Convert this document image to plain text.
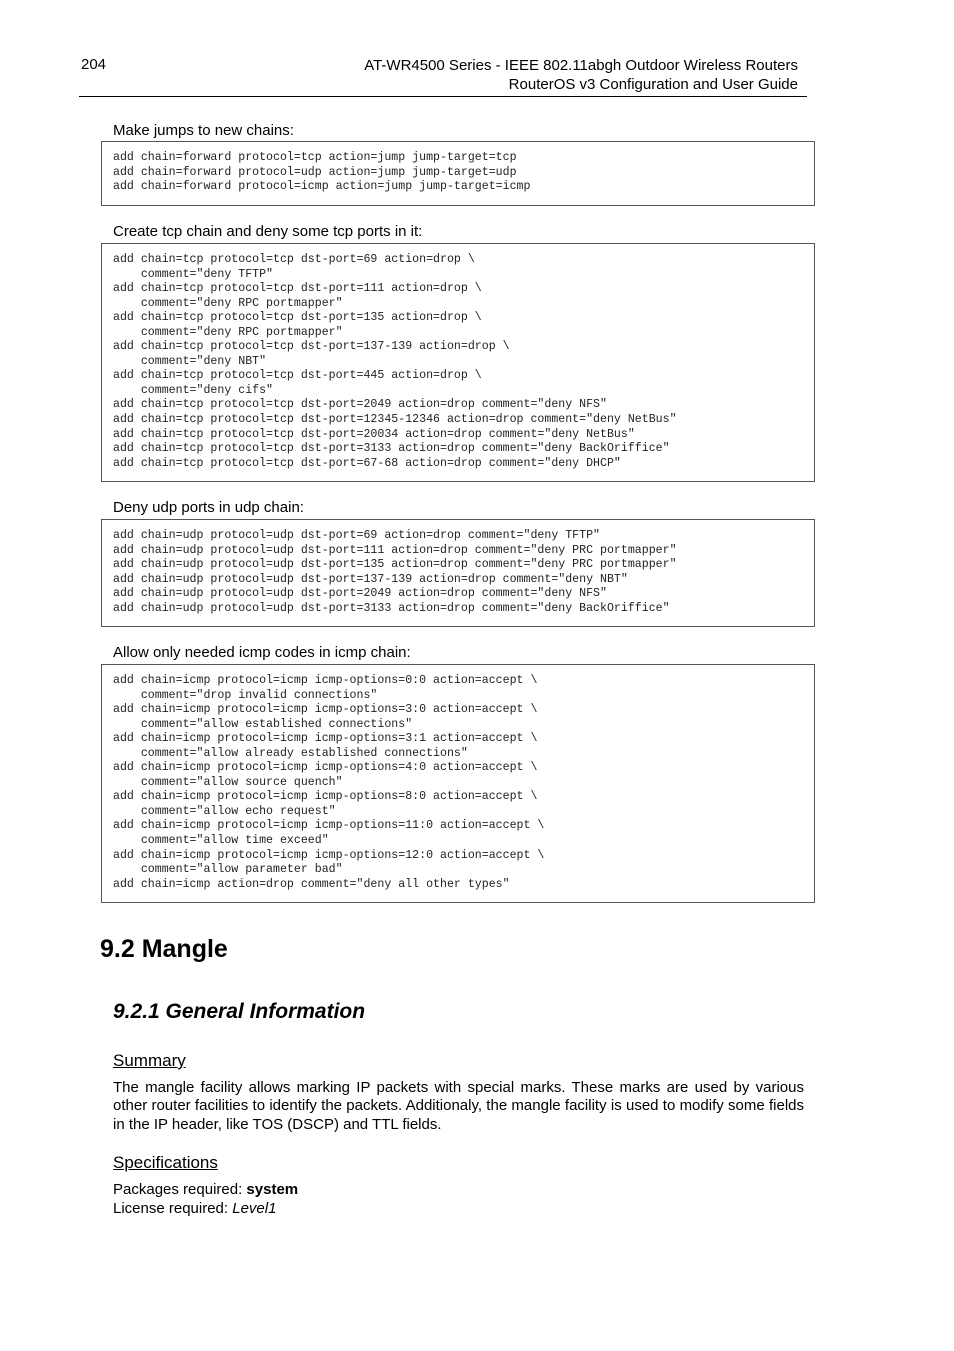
204	AT-WR4500 Series - IEEE 802.11abgh Outdoor Wireless Routers
RouterOS v3 Configuration and User Guide
Make jumps to new chains:
add chain=forward protocol=tcp action=jump jump-target=tcp
add chain=forward protocol=udp action=jump jump-target=udp
add chain=forward protocol=icmp action=jump jump-target=icmp
Create tcp chain and deny some tcp ports in it:
add chain=tcp protocol=tcp dst-port=69 action=drop \
comment="deny TFTP"
add chain=tcp protocol=tcp dst-port=111 action=drop \
comment="deny RPC portmapper"
add chain=tcp protocol=tcp dst-port=135 action=drop \
comment="deny RPC portmapper"
add chain=tcp protocol=tcp dst-port=137-139 action=drop \
comment="deny NBT"
add chain=tcp protocol=tcp dst-port=445 action=drop \
comment="deny cifs"
add chain=tcp protocol=tcp dst-port=2049 action=drop comment="deny NFS"
add chain=tcp protocol=tcp dst-port=12345-12346 action=drop comment="deny NetBus"
add chain=tcp protocol=tcp dst-port=20034 action=drop comment="deny NetBus"
add chain=tcp protocol=tcp dst-port=3133 action=drop comment="deny BackOriffice"
add chain=tcp protocol=tcp dst-port=67-68 action=drop comment="deny DHCP"
Deny udp ports in udp chain:
add chain=udp protocol=udp dst-port=69 action=drop comment="deny TFTP"
add chain=udp protocol=udp dst-port=111 action=drop comment="deny PRC portmapper"
add chain=udp protocol=udp dst-port=135 action=drop comment="deny PRC portmapper"
add chain=udp protocol=udp dst-port=137-139 action=drop comment="deny NBT"
add chain=udp protocol=udp dst-port=2049 action=drop comment="deny NFS"
add chain=udp protocol=udp dst-port=3133 action=drop comment="deny BackOriffice"
Allow only needed icmp codes in icmp chain:
add chain=icmp protocol=icmp icmp-options=0:0 action=accept \
comment="drop invalid connections"
add chain=icmp protocol=icmp icmp-options=3:0 action=accept \
comment="allow established connections"
add chain=icmp protocol=icmp icmp-options=3:1 action=accept \
comment="allow already established connections"
add chain=icmp protocol=icmp icmp-options=4:0 action=accept \
comment="allow source quench"
add chain=icmp protocol=icmp icmp-options=8:0 action=accept \
comment="allow echo request"
add chain=icmp protocol=icmp icmp-options=11:0 action=accept \
comment="allow time exceed"
add chain=icmp protocol=icmp icmp-options=12:0 action=accept \
comment="allow parameter bad"
add chain=icmp action=drop comment="deny all other types"
9.2 Mangle
9.2.1 General Information
Summary
The mangle facility allows marking IP packets with special marks. These marks are used by various other router facilities to identify the packets. Additionaly, the mangle facility is used to modify some fields in the IP header, like TOS (DSCP) and TTL fields.
Specifications
Packages required: system
License required: Level1
